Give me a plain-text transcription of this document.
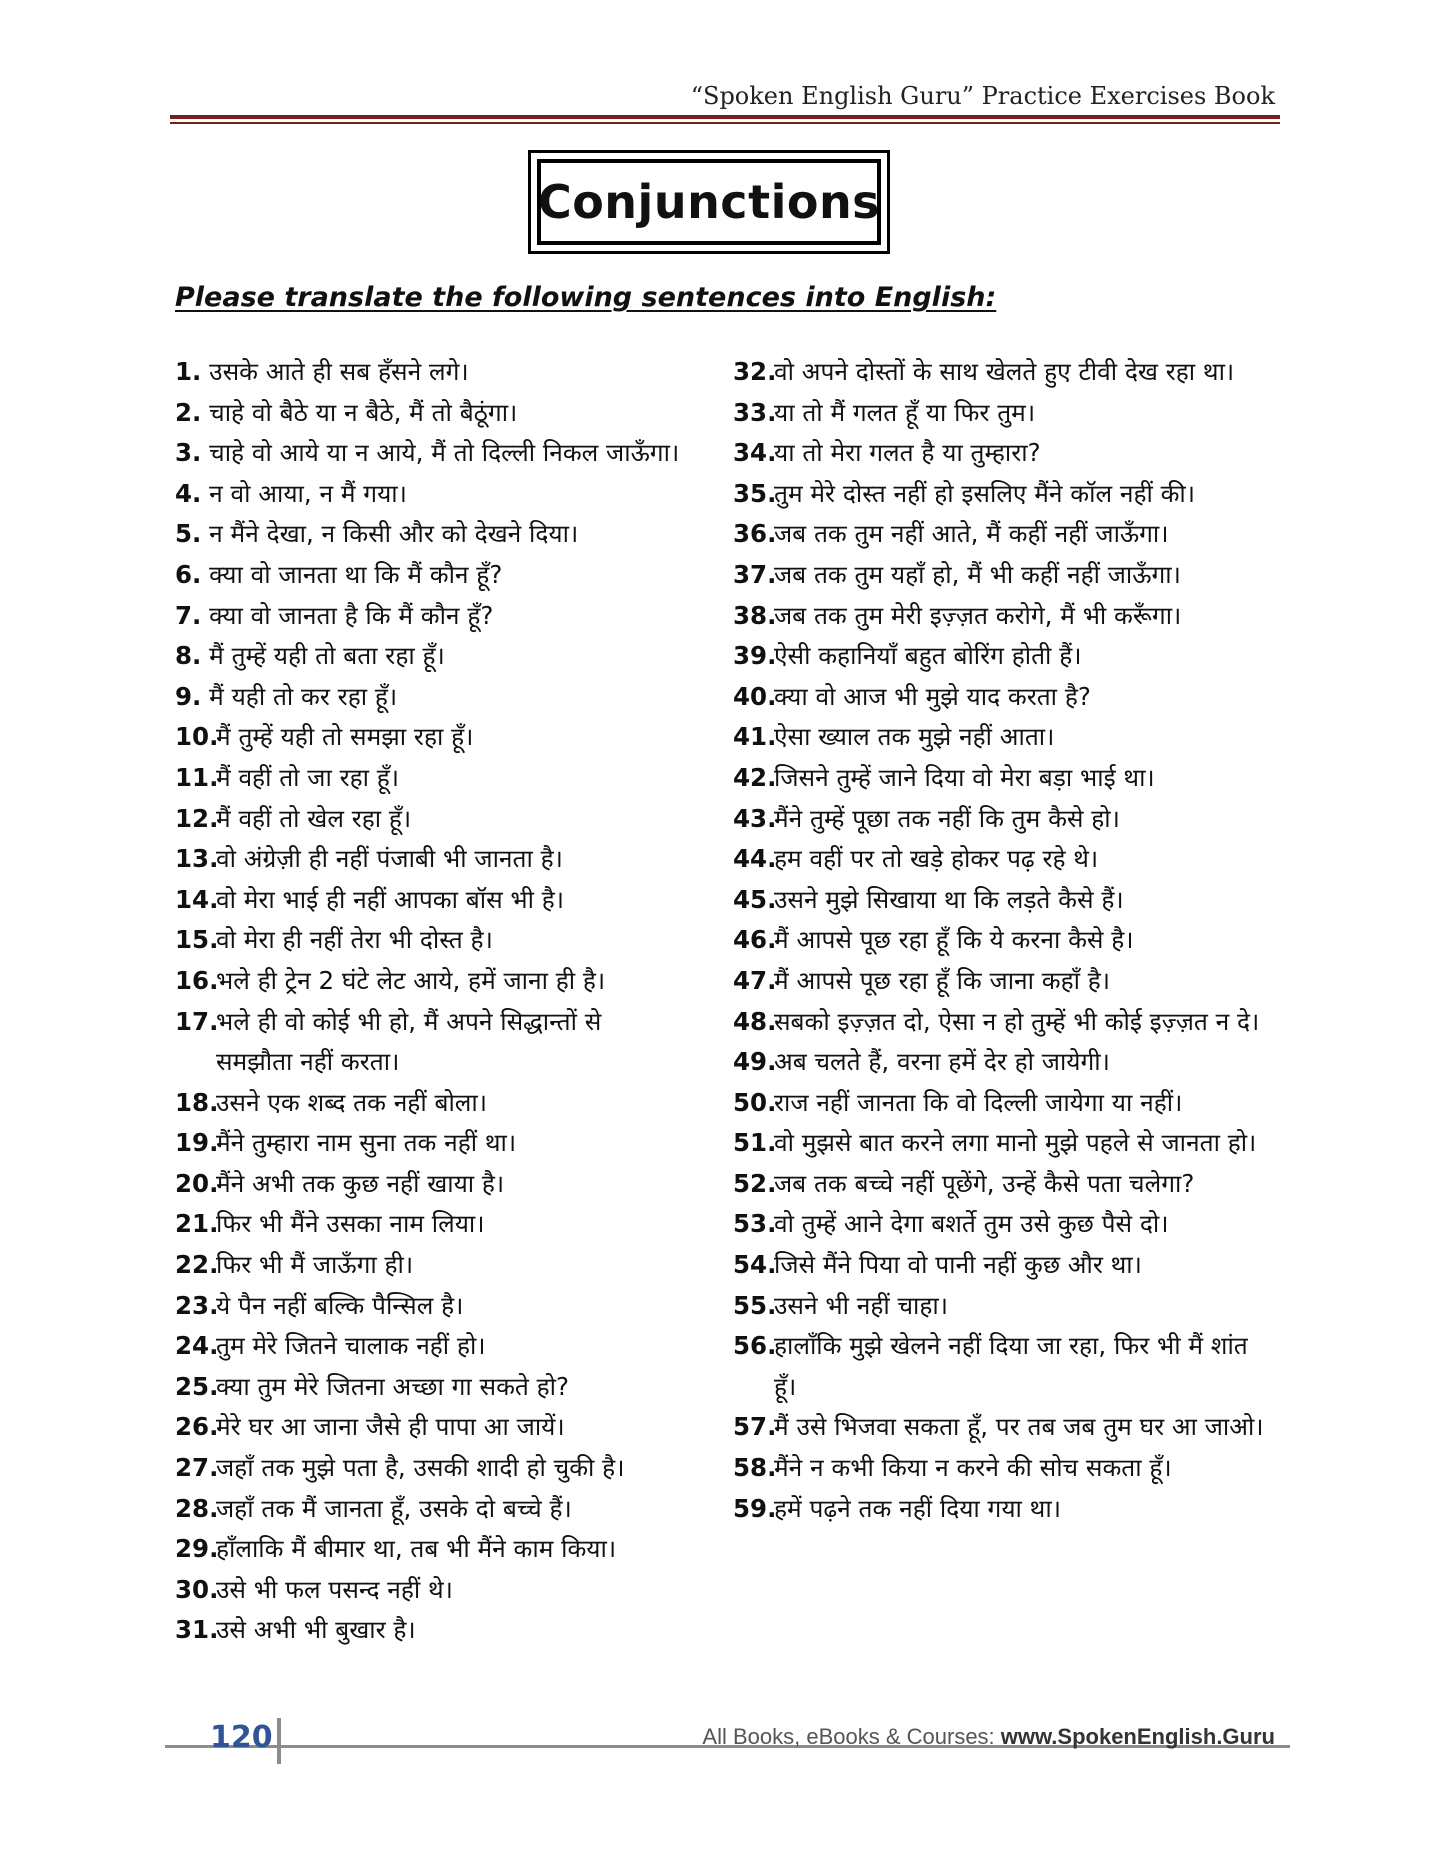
“Spoken English Guru” Practice Exercises Book
Conjunctions
Please translate the following sentences into English:
1.
उसके आते ही सब हँसने लगे।
2.
चाहे वो बैठे या न बैठे, मैं तो बैठूंगा।
3. चाहे वो आये या न आये, मैं तो दिल्ली निकल जाऊँगा।
4.
न वो आया, न मैं गया।
5.
न मैंने देखा, न किसी और को देखने दिया।
6.
क्या वो जानता था कि मैं कौन हूँ?
7.
क्या वो जानता है कि मैं कौन हूँ?
8.
मैं तुम्हें यही तो बता रहा हूँ।
9.
मैं यही तो कर रहा हूँ।
10.
मैं तुम्हें यही तो समझा रहा हूँ।
11.
मैं वहीं तो जा रहा हूँ।
12.
मैं वहीं तो खेल रहा हूँ।
13.
वो अंग्रेज़ी ही नहीं पंजाबी भी जानता है।
14.
वो मेरा भाई ही नहीं आपका बॉस भी है।
15.
वो मेरा ही नहीं तेरा भी दोस्त है।
16.
भले ही ट्रेन 2 घंटे लेट आये, हमें जाना ही है।
17.
भले ही वो कोई भी हो, मैं अपने सिद्धान्तों से समझौता नहीं करता।
18.
उसने एक शब्द तक नहीं बोला।
19.
मैंने तुम्हारा नाम सुना तक नहीं था।
20.
मैंने अभी तक कुछ नहीं खाया है।
21.
फिर भी मैंने उसका नाम लिया।
22.
फिर भी मैं जाऊँगा ही।
23.
ये पैन नहीं बल्कि पैन्सिल है।
24.
तुम मेरे जितने चालाक नहीं हो।
25.
क्या तुम मेरे जितना अच्छा गा सकते हो?
26.
मेरे घर आ जाना जैसे ही पापा आ जायें।
27.
जहाँ तक मुझे पता है, उसकी शादी हो चुकी है।
28.
जहाँ तक मैं जानता हूँ, उसके दो बच्चे हैं।
29.
हाँलाकि मैं बीमार था, तब भी मैंने काम किया।
30.
उसे भी फल पसन्द नहीं थे।
31.
उसे अभी भी बुखार है।
32.
वो अपने दोस्तों के साथ खेलते हुए टीवी देख रहा था।
33.
या तो मैं गलत हूँ या फिर तुम।
34.
या तो मेरा गलत है या तुम्हारा?
35.
तुम मेरे दोस्त नहीं हो इसलिए मैंने कॉल नहीं की।
36.
जब तक तुम नहीं आते, मैं कहीं नहीं जाऊँगा।
37.
जब तक तुम यहाँ हो, मैं भी कहीं नहीं जाऊँगा।
38.
जब तक तुम मेरी इज़्ज़त करोगे, मैं भी करूँगा।
39.
ऐसी कहानियाँ बहुत बोरिंग होती हैं।
40.
क्या वो आज भी मुझे याद करता है?
41.
ऐसा ख्याल तक मुझे नहीं आता।
42.
जिसने तुम्हें जाने दिया वो मेरा बड़ा भाई था।
43.
मैंने तुम्हें पूछा तक नहीं कि तुम कैसे हो।
44.
हम वहीं पर तो खड़े होकर पढ़ रहे थे।
45.
उसने मुझे सिखाया था कि लड़ते कैसे हैं।
46.
मैं आपसे पूछ रहा हूँ कि ये करना कैसे है।
47.
मैं आपसे पूछ रहा हूँ कि जाना कहाँ है।
48.
सबको इज़्ज़त दो, ऐसा न हो तुम्हें भी कोई इज़्ज़त न दे।
49.
अब चलते हैं, वरना हमें देर हो जायेगी।
50.
राज नहीं जानता कि वो दिल्ली जायेगा या नहीं।
51.
वो मुझसे बात करने लगा मानो मुझे पहले से जानता हो।
52.
जब तक बच्चे नहीं पूछेंगे, उन्हें कैसे पता चलेगा?
53.
वो तुम्हें आने देगा बशर्ते तुम उसे कुछ पैसे दो।
54.
जिसे मैंने पिया वो पानी नहीं कुछ और था।
55.
उसने भी नहीं चाहा।
56.
हालाँकि मुझे खेलने नहीं दिया जा रहा, फिर भी मैं शांत हूँ।
57.
मैं उसे भिजवा सकता हूँ, पर तब जब तुम घर आ जाओ।
58.
मैंने न कभी किया न करने की सोच सकता हूँ।
59.
हमें पढ़ने तक नहीं दिया गया था।
120	All Books, eBooks & Courses: www.SpokenEnglish.Guru
